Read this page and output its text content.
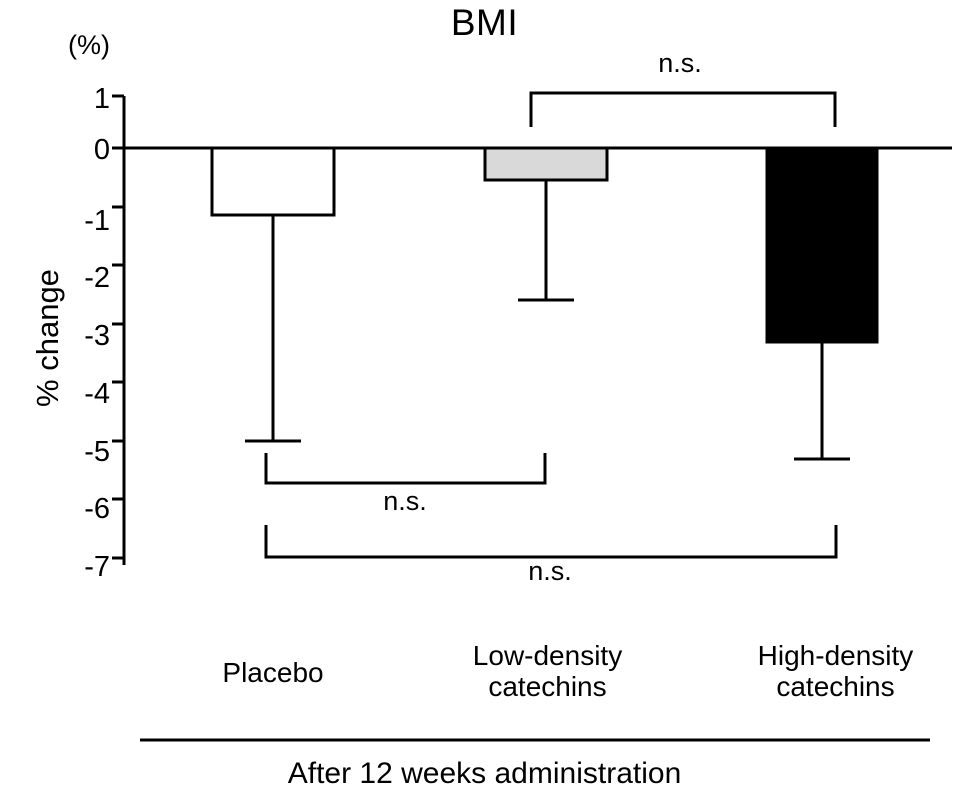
BMI
(%)
% change
1
0
-1
-2
-3
-4
-5
-6
-7
n.s.
n.s.
n.s.
Placebo
Low-density
catechins
High-density
catechins
After 12 weeks administration
